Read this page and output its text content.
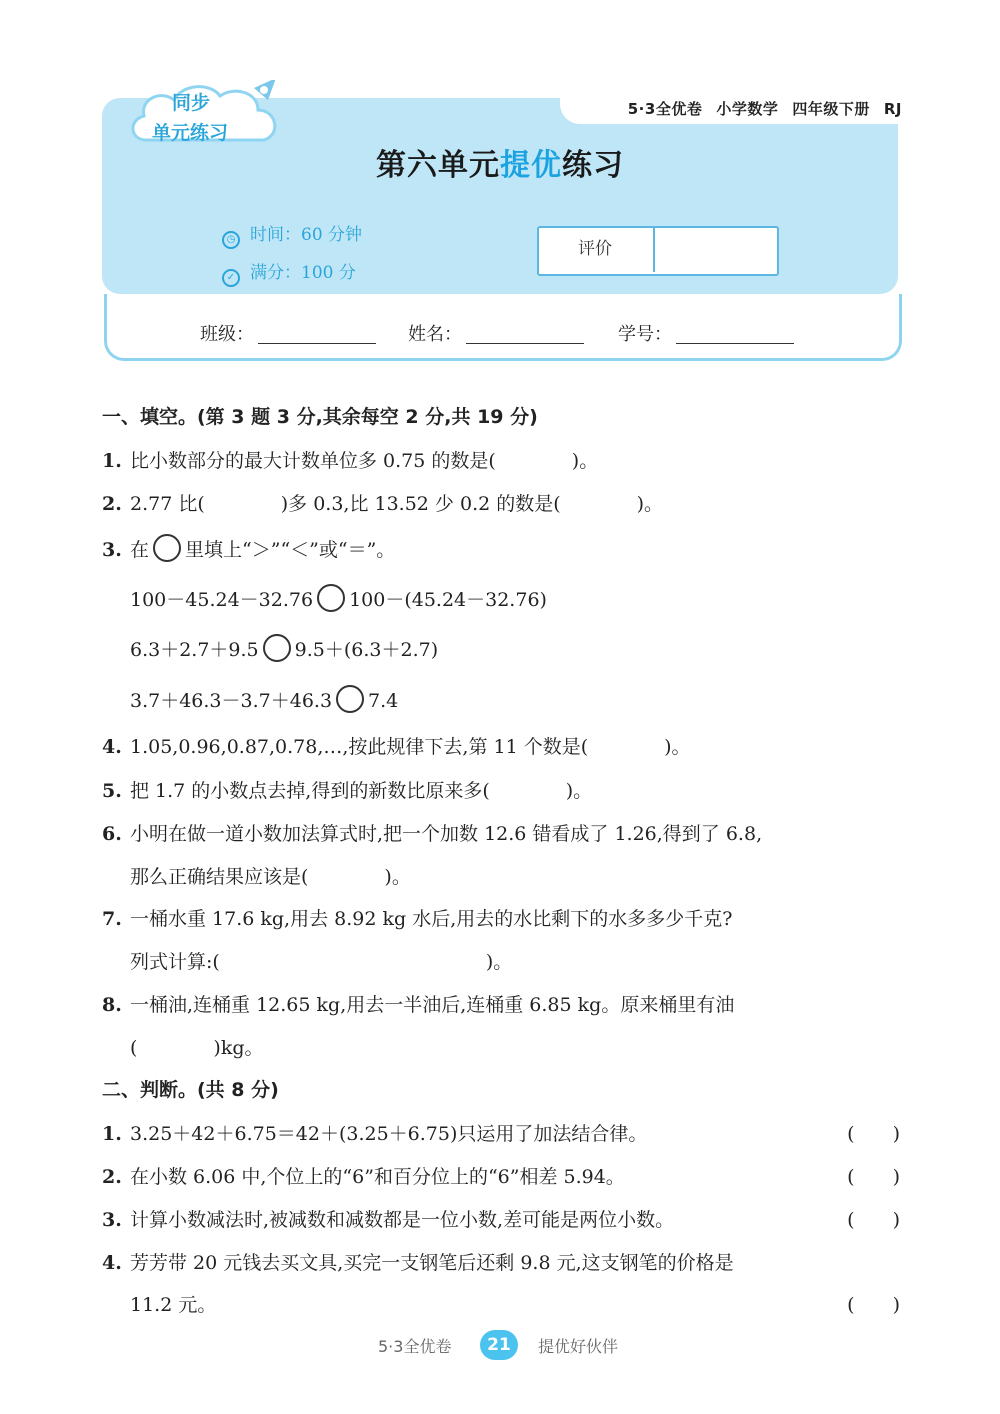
5·3全优卷 小学数学 四年级下册 RJ
同步
单元练习
第六单元提优练习
◷ 时间：60 分钟
✓ 满分：100 分
评价
班级：	姓名：	学号：
一、填空。(第 3 题 3 分,其余每空 2 分,共 19 分)
1. 比小数部分的最大计数单位多 0.75 的数是(　　　　)。
2. 2.77 比(　　　　)多 0.3,比 13.52 少 0.2 的数是(　　　　)。
3. 在 里填上“＞”“＜”或“＝”。
100－45.24－32.76 100－(45.24－32.76)
6.3＋2.7＋9.5 9.5＋(6.3＋2.7)
3.7＋46.3－3.7＋46.3 7.4
4. 1.05,0.96,0.87,0.78,…,按此规律下去,第 11 个数是(　　　　)。
5. 把 1.7 的小数点去掉,得到的新数比原来多(　　　　)。
6. 小明在做一道小数加法算式时,把一个加数 12.6 错看成了 1.26,得到了 6.8,
那么正确结果应该是(　　　　)。
7. 一桶水重 17.6 kg,用去 8.92 kg 水后,用去的水比剩下的水多多少千克?
列式计算:(　　　　　　　　　　　　　　)。
8. 一桶油,连桶重 12.65 kg,用去一半油后,连桶重 6.85 kg。原来桶里有油
(　　　　)kg。
二、判断。(共 8 分)
1. 3.25＋42＋6.75＝42＋(3.25＋6.75)只运用了加法结合律。	(　　)
2. 在小数 6.06 中,个位上的“6”和百分位上的“6”相差 5.94。	(　　)
3. 计算小数减法时,被减数和减数都是一位小数,差可能是两位小数。	(　　)
4. 芳芳带 20 元钱去买文具,买完一支钢笔后还剩 9.8 元,这支钢笔的价格是
11.2 元。	(　　)
5·3全优卷	21	提优好伙伴
